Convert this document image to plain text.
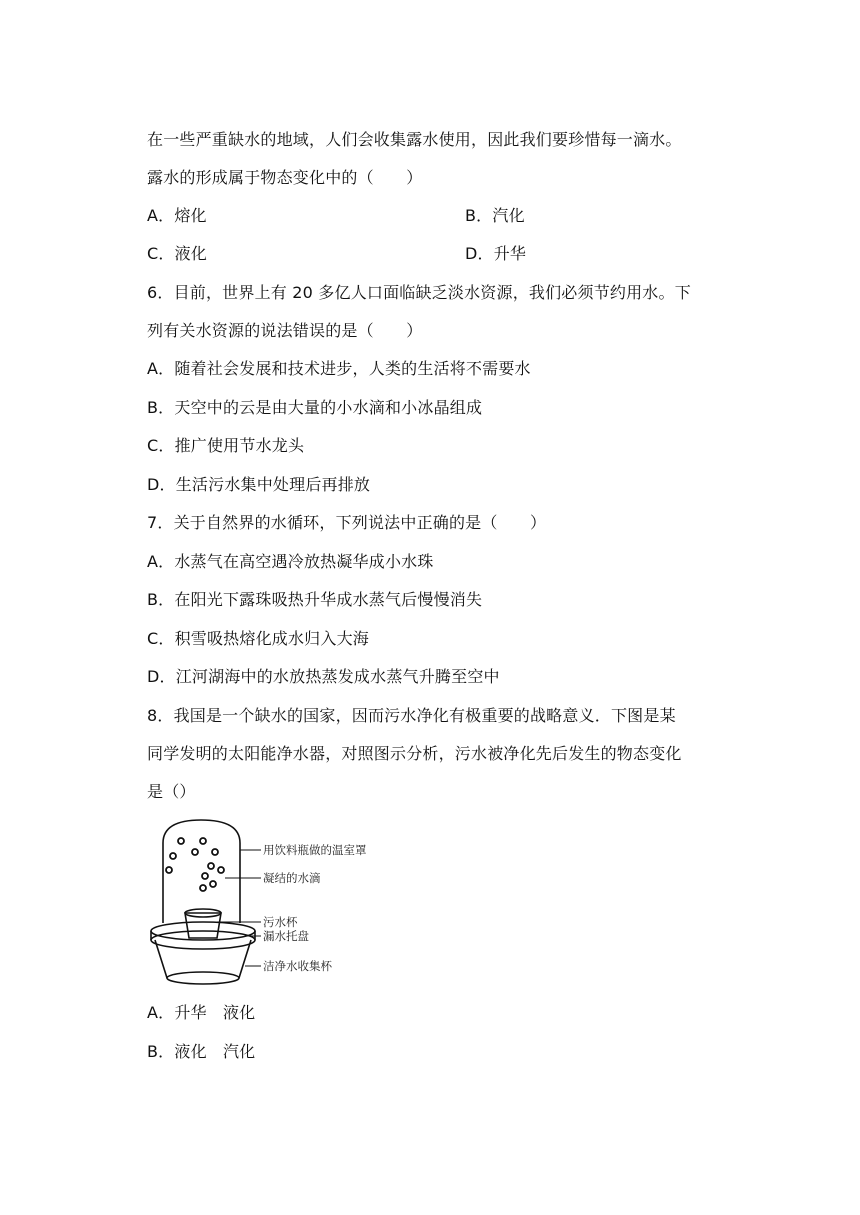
在一些严重缺水的地域，人们会收集露水使用，因此我们要珍惜每一滴水。
露水的形成属于物态变化中的（　　）
A．熔化	B．汽化
C．液化	D．升华
6．目前，世界上有 20 多亿人口面临缺乏淡水资源，我们必须节约用水。下
列有关水资源的说法错误的是（　　）
A．随着社会发展和技术进步，人类的生活将不需要水
B．天空中的云是由大量的小水滴和小冰晶组成
C．推广使用节水龙头
D．生活污水集中处理后再排放
7．关于自然界的水循环，下列说法中正确的是（　　）
A．水蒸气在高空遇冷放热凝华成小水珠
B．在阳光下露珠吸热升华成水蒸气后慢慢消失
C．积雪吸热熔化成水归入大海
D．江河湖海中的水放热蒸发成水蒸气升腾至空中
8．我国是一个缺水的国家，因而污水净化有极重要的战略意义．下图是某
同学发明的太阳能净水器，对照图示分析，污水被净化先后发生的物态变化
是（）
用饮料瓶做的温室罩
凝结的水滴
污水杯
漏水托盘
洁净水收集杯
A．升华　液化
B．液化　汽化
